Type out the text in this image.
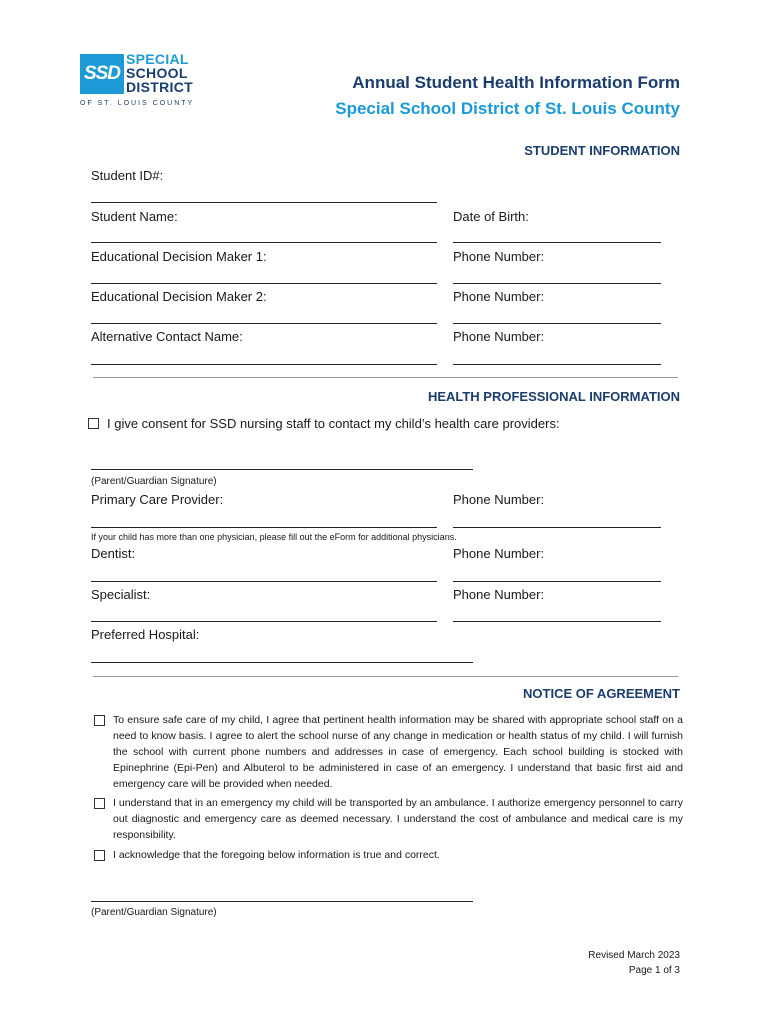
SSD
SPECIAL
SCHOOL
DISTRICT
OF ST. LOUIS COUNTY
Annual Student Health Information Form
Special School District of St. Louis County
STUDENT INFORMATION
Student ID#:
Student Name:	Date of Birth:
Educational Decision Maker 1:	Phone Number:
Educational Decision Maker 2:	Phone Number:
Alternative Contact Name:	Phone Number:
HEALTH PROFESSIONAL INFORMATION
I give consent for SSD nursing staff to contact my child’s health care providers:
(Parent/Guardian Signature)
Primary Care Provider:	Phone Number:
If your child has more than one physician, please fill out the eForm for additional physicians.
Dentist:	Phone Number:
Specialist:	Phone Number:
Preferred Hospital:
NOTICE OF AGREEMENT
To ensure safe care of my child, I agree that pertinent health information may be shared with appropriate school staff on a need to know basis. I agree to alert the school nurse of any change in medication or health status of my child. I will furnish the school with current phone numbers and addresses in case of emergency. Each school building is stocked with Epinephrine (Epi-Pen) and Albuterol to be administered in case of an emergency. I understand that basic first aid and emergency care will be provided when needed.
I understand that in an emergency my child will be transported by an ambulance. I authorize emergency personnel to carry out diagnostic and emergency care as deemed necessary. I understand the cost of ambulance and medical care is my responsibility.
I acknowledge that the foregoing below information is true and correct.
(Parent/Guardian Signature)
Revised March 2023
Page 1 of 3
